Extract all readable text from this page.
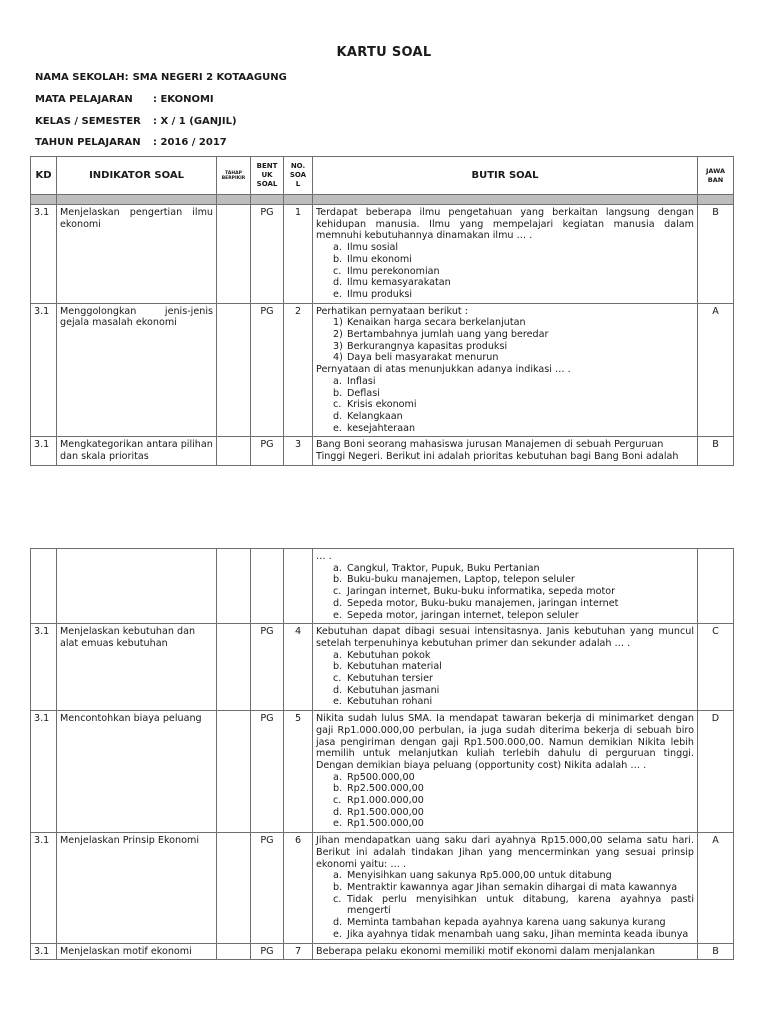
KARTU SOAL
NAMA SEKOLAH: SMA NEGERI 2 KOTAAGUNG
MATA PELAJARAN : EKONOMI
KELAS / SEMESTER : X / 1 (GANJIL)
TAHUN PELAJARAN : 2016 / 2017
KD	INDIKATOR SOAL	TAHAP BERPIKIR	BENT UK SOAL	NO. SOA L	BUTIR SOAL	JAWA BAN

3.1	Menjelaskan pengertian ilmu ekonomi		PG	1	Terdapat beberapa ilmu pengetahuan yang berkaitan langsung dengan kehidupan manusia. Ilmu yang mempelajari kegiatan manusia dalam memnuhi kebutuhannya dinamakan ilmu … .
a. Ilmu sosial
b. Ilmu ekonomi
c. Ilmu perekonomian
d. Ilmu kemasyarakatan
e. Ilmu produksi
	B
3.1	Menggolongkan jenis-jenis gejala masalah ekonomi		PG	2	Perhatikan pernyataan berikut :
1) Kenaikan harga secara berkelanjutan
2) Bertambahnya jumlah uang yang beredar
3) Berkurangnya kapasitas produksi
4) Daya beli masyarakat menurun
Pernyataan di atas menunjukkan adanya indikasi … .
a. Inflasi
b. Deflasi
c. Krisis ekonomi
d. Kelangkaan
e. kesejahteraan
	A
3.1	Mengkategorikan antara pilihan dan skala prioritas		PG	3	Bang Boni seorang mahasiswa jurusan Manajemen di sebuah Perguruan Tinggi Negeri. Berikut ini adalah prioritas kebutuhan bagi Bang Boni adalah	B

… .
a. Cangkul, Traktor, Pupuk, Buku Pertanian
b. Buku-buku manajemen, Laptop, telepon seluler
c. Jaringan internet, Buku-buku informatika, sepeda motor
d. Sepeda motor, Buku-buku manajemen, jaringan internet
e. Sepeda motor, jaringan internet, telepon seluler

3.1	Menjelaskan kebutuhan dan alat emuas kebutuhan		PG	4	Kebutuhan dapat dibagi sesuai intensitasnya. Janis kebutuhan yang muncul setelah terpenuhinya kebutuhan primer dan sekunder adalah … .
a. Kebutuhan pokok
b. Kebutuhan material
c. Kebutuhan tersier
d. Kebutuhan jasmani
e. Kebutuhan rohani
	C
3.1	Mencontohkan biaya peluang		PG	5	Nikita sudah lulus SMA. Ia mendapat tawaran bekerja di minimarket dengan gaji Rp1.000.000,00 perbulan, ia juga sudah diterima bekerja di sebuah biro jasa pengiriman dengan gaji Rp1.500.000,00. Namun demikian Nikita lebih memilih untuk melanjutkan kuliah terlebih dahulu di perguruan tinggi. Dengan demikian biaya peluang (opportunity cost) Nikita adalah … .
a. Rp500.000,00
b. Rp2.500.000,00
c. Rp1.000.000,00
d. Rp1.500.000,00
e. Rp1.500.000,00
	D
3.1	Menjelaskan Prinsip Ekonomi		PG	6	Jihan mendapatkan uang saku dari ayahnya Rp15.000,00 selama satu hari. Berikut ini adalah tindakan Jihan yang mencerminkan yang sesuai prinsip ekonomi yaitu: … .
a. Menyisihkan uang sakunya Rp5.000,00 untuk ditabung
b. Mentraktir kawannya agar Jihan semakin dihargai di mata kawannya
c. Tidak perlu menyisihkan untuk ditabung, karena ayahnya pasti mengerti
d. Meminta tambahan kepada ayahnya karena uang sakunya kurang
e. Jika ayahnya tidak menambah uang saku, Jihan meminta keada ibunya
	A
3.1	Menjelaskan motif ekonomi		PG	7	Beberapa pelaku ekonomi memiliki motif ekonomi dalam menjalankan	B
